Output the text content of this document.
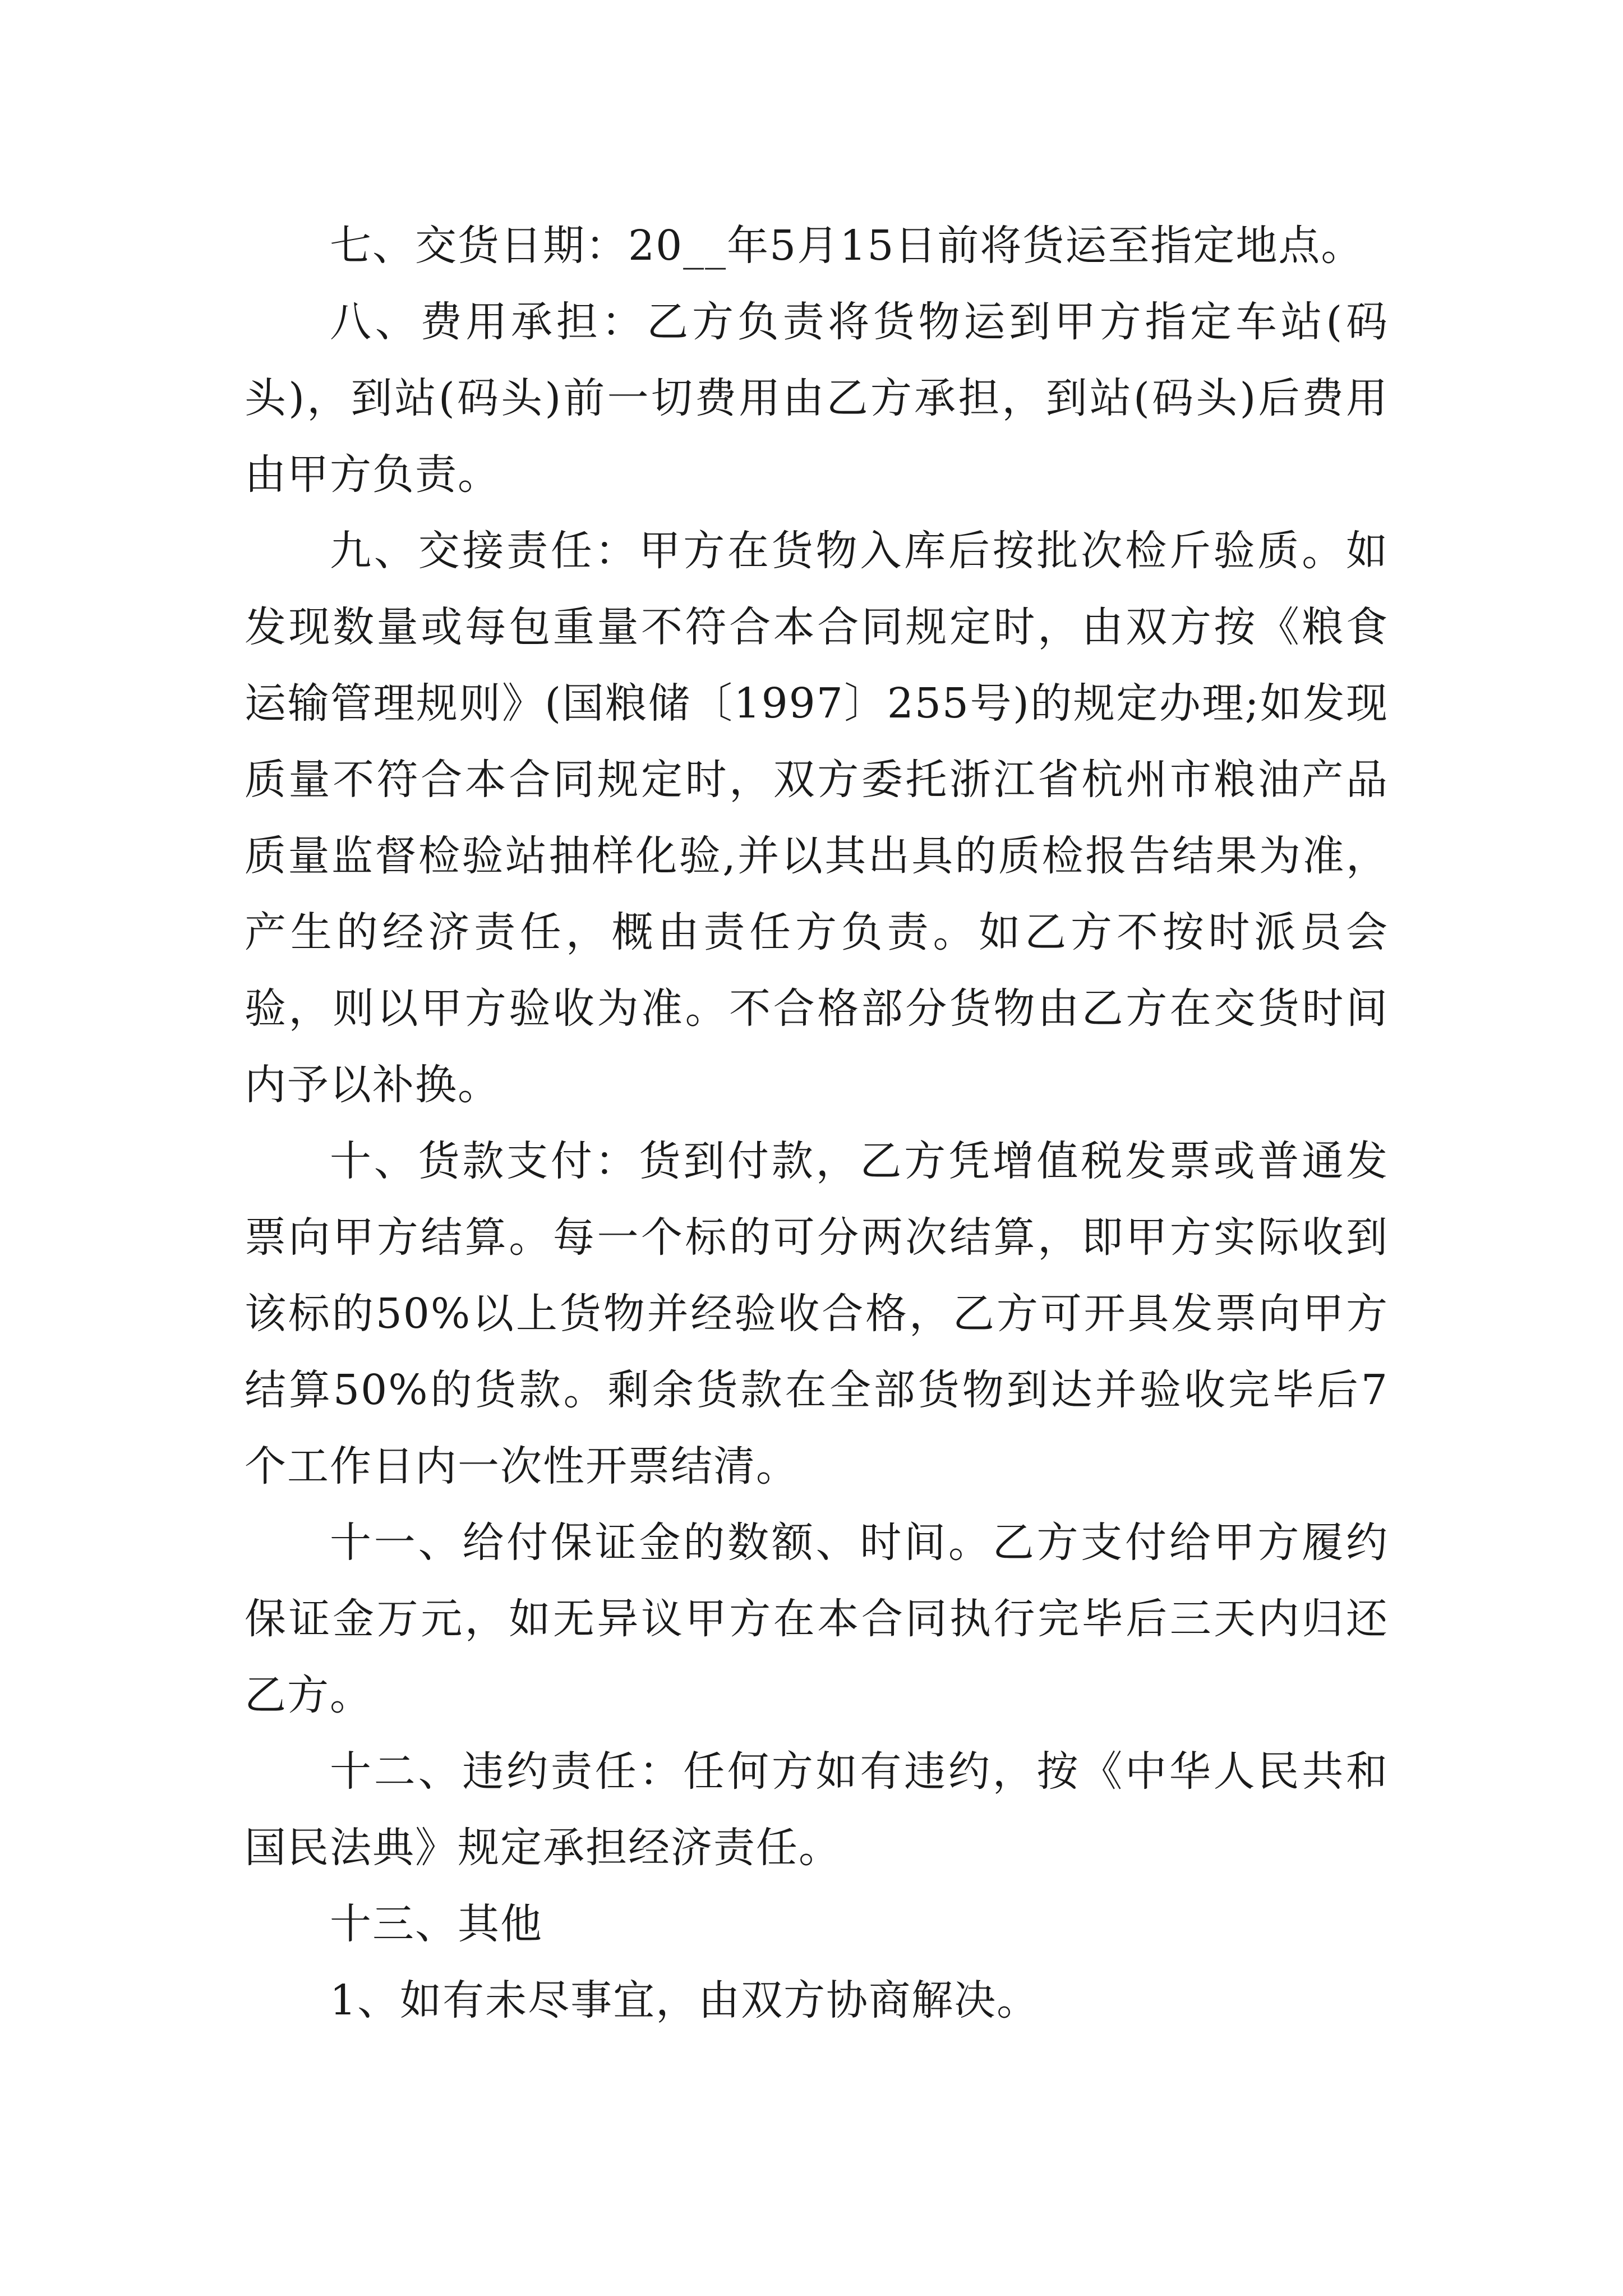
七、交货日期：20__年5月15日前将货运至指定地点。

八、费用承担：乙方负责将货物运到甲方指定车站(码头)，到站(码头)前一切费用由乙方承担，到站(码头)后费用由甲方负责。

九、交接责任：甲方在货物入库后按批次检斤验质。如发现数量或每包重量不符合本合同规定时，由双方按《粮食运输管理规则》(国粮储〔1997〕255号)的规定办理;如发现质量不符合本合同规定时，双方委托浙江省杭州市粮油产品质量监督检验站抽样化验,并以其出具的质检报告结果为准，产生的经济责任，概由责任方负责。如乙方不按时派员会验，则以甲方验收为准。不合格部分货物由乙方在交货时间内予以补换。

十、货款支付：货到付款，乙方凭增值税发票或普通发票向甲方结算。每一个标的可分两次结算，即甲方实际收到该标的50%以上货物并经验收合格，乙方可开具发票向甲方结算50%的货款。剩余货款在全部货物到达并验收完毕后7个工作日内一次性开票结清。

十一、给付保证金的数额、时间。乙方支付给甲方履约保证金万元，如无异议甲方在本合同执行完毕后三天内归还乙方。

十二、违约责任：任何方如有违约，按《中华人民共和国民法典》规定承担经济责任。

十三、其他

1、如有未尽事宜，由双方协商解决。
